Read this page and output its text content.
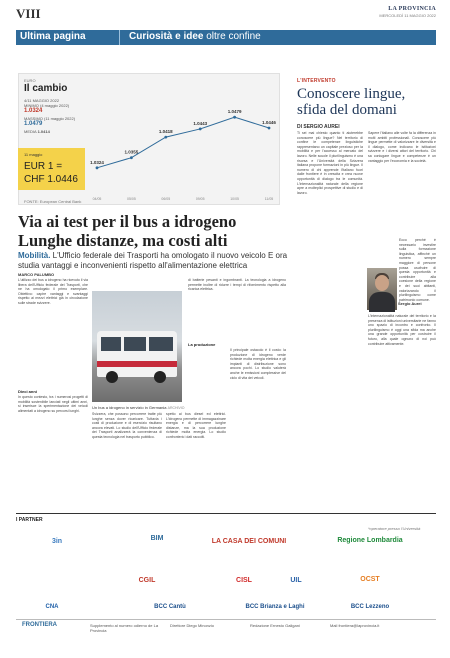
VIII	LA PROVINCIA
MERCOLEDÌ 11 MAGGIO 2022
Ultima pagina	Curiosità e idee oltre confine
EURO
Il cambio
4/11 MAGGIO 2022
MINIMO (4 maggio 2022)
1.0324
MASSIMO (11 maggio 2022)
1.0479
MEDIA 1.0414
1.0324
04/05
1.0355
05/05
1.0418
06/05
1.0443
09/05
1.0479
10/05
1.0446
11/05
11 maggio
EUR 1 =
CHF 1.0446
FONTE: European Central Bank
L'INTERVENTO
Conoscere lingue, sfida del domani
DI SERGIO AUREI
Ti sei mai chiesto quanto ti aiuterebbe conoscere più lingue? Nel territorio di confine le competenze linguistiche rappresentano un capitale prezioso per la mobilità e per l'accesso al mercato del lavoro. Nelle scuole il plurilinguismo è una risorsa e l'Università della Svizzera italiana propone formazioni in più lingue. Il numero di chi apprende l'italiano fuori dalle frontiere è in crescita e crea nuove opportunità di dialogo tra le comunità. L'internazionalità naturale della regione apre a molteplici prospettive di studio e di lavoro.
Sapere l'italiano alle volte fa la differenza in molti ambiti professionali. Conoscere più lingue permette di valorizzare le diversità e il dialogo, come indicano le istituzioni svizzere e i diversi attori del territorio. Chi sa coniugare lingue e competenze è un vantaggio per l'economia e la società.
Sergio Aurei
Ecco perché è necessario investire sulla formazione linguistica, affinché un numero sempre maggiore di persone possa usufruire di questa opportunità e contribuire alla coesione della regione e dei suoi abitanti, valorizzando il plurilinguismo come patrimonio comune.
L'internazionalità naturale del territorio e la presenza di istituzioni universitarie ne fanno uno spazio di incontro e confronto. Il plurilinguismo è oggi una sfida ma anche una grande opportunità per costruire il futuro, alla quale ognuno di noi può contribuire attivamente.
*operatore presso l'Università
Via ai test per il bus a idrogeno Lunghe distanze, ma costi alti
Mobilità. L'Ufficio federale dei Trasporti ha omologato il nuovo veicolo E ora studia vantaggi e inconvenienti rispetto all'alimentazione elettrica
MARCO PALUMBO
L'utilizzo dei bus a idrogeno ha ricevuto il via libera dell'Ufficio federale dei Trasporti, che ne ha omologato il primo esemplare. Obiettivo: capire vantaggi e svantaggi rispetto ai mezzi elettrici già in circolazione sulle strade svizzere.
Dieci anni
In questo contesto, tra i numerosi progetti di mobilità sostenibile lanciati negli ultimi anni, si inserisce la sperimentazione dei veicoli alimentati a idrogeno su percorsi lunghi.
Un bus a idrogeno in servizio in Germania ARCHIVIO
Svizzera, che possono percorrere tratte più lunghe senza dover ricaricare. Tuttavia i costi di produzione e di esercizio risultano ancora elevati. Lo studio dell'Ufficio federale dei Trasporti analizzerà la convenienza di questa tecnologia nel trasporto pubblico.
spetto ai bus diesel ed elettrici. L'idrogeno permette di immagazzinare energia e di percorrere lunghe distanze, ma la sua produzione richiede molta energia. Lo studio confronterà i dati raccolti.
di batterie pesanti e ingombranti. La tecnologia a idrogeno permette inoltre di ridurre i tempi di rifornimento rispetto alla ricarica elettrica.
La produzione
Il principale ostacolo è il costo: la produzione di idrogeno verde richiede molta energia elettrica e gli impianti di distribuzione sono ancora pochi. Lo studio valuterà anche le emissioni complessive del ciclo di vita dei veicoli.
I PARTNER
3in	BIM	LA CASA DEI COMUNI	Regione Lombardia
CGIL	CISL	UIL	OCST
CNA	BCC Cantù	BCC Brianza e Laghi	BCC Lezzeno
FRONTIERA	Supplemento al numero odierno de La Provincia
Direttore Diego Minonzio	Redazione Ernesto Galigani	Mail frontiera@laprovincia.it
